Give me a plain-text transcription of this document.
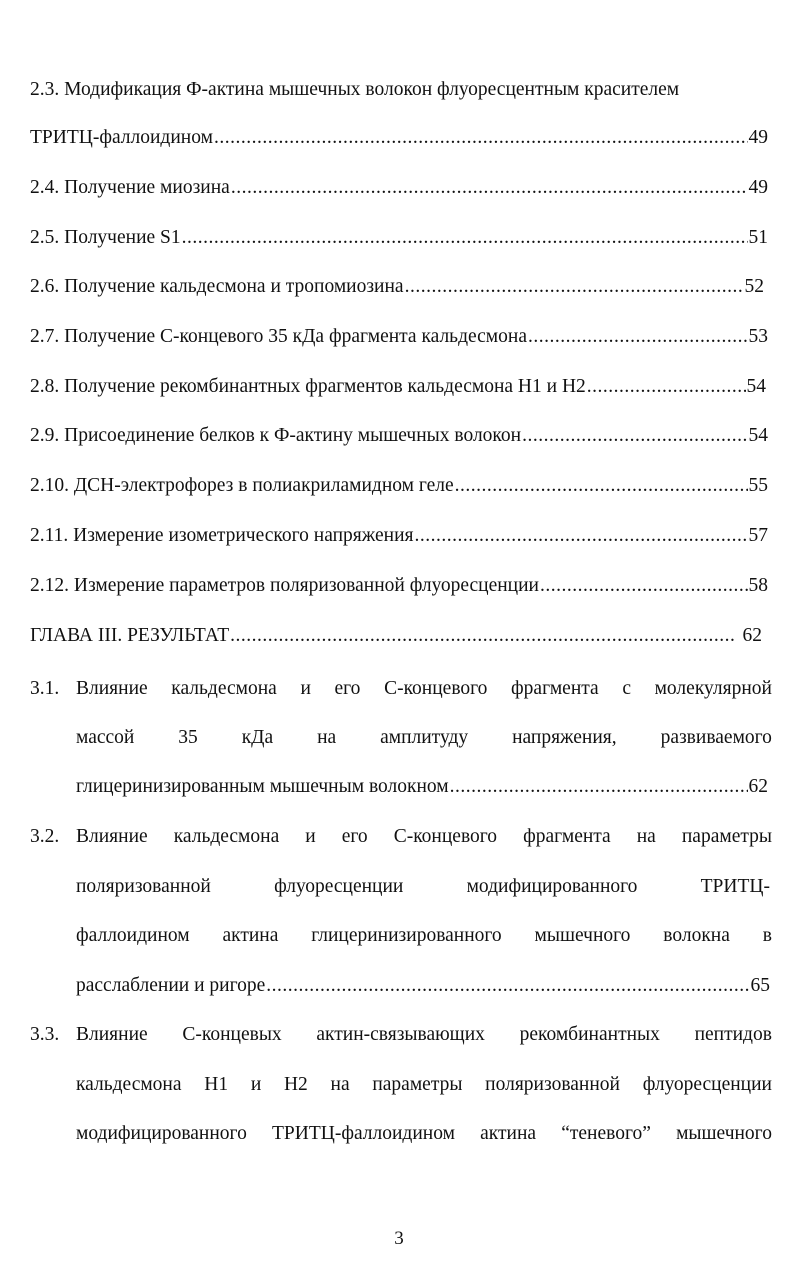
2.3. Модификация Ф-актина мышечных волокон флуоресцентным красителем
ТРИТЦ-фаллоидином .....	49
2.4. Получение миозина .....	49
2.5. Получение S1 .....	51
2.6. Получение кальдесмона и тропомиозина .....	52
2.7. Получение С-концевого 35 кДа фрагмента кальдесмона .....	53
2.8. Получение рекомбинантных фрагментов кальдесмона Н1 и Н2 .....	54
2.9. Присоединение белков к Ф-актину мышечных волокон .....	54
2.10. ДСН-электрофорез в полиакриламидном геле .....	55
2.11. Измерение изометрического напряжения .....	57
2.12. Измерение параметров поляризованной флуоресценции .....	58
ГЛАВА III. РЕЗУЛЬТАТ .....	62
3.1. Влияние кальдесмона и его С-концевого фрагмента с молекулярной
массой 35 кДа на амплитуду напряжения, развиваемого
глицеринизированным мышечным волокном .....	62
3.2. Влияние кальдесмона и его С-концевого фрагмента на параметры
поляризованной	флуоресценции	модифицированного	ТРИТЦ-
фаллоидином актина глицеринизированного мышечного волокна в
расслаблении и ригоре .....	65
3.3. Влияние С-концевых актин-связывающих рекомбинантных пептидов
кальдесмона Н1 и Н2 на параметры поляризованной флуоресценции
модифицированного ТРИТЦ-фаллоидином актина “теневого” мышечного
3
